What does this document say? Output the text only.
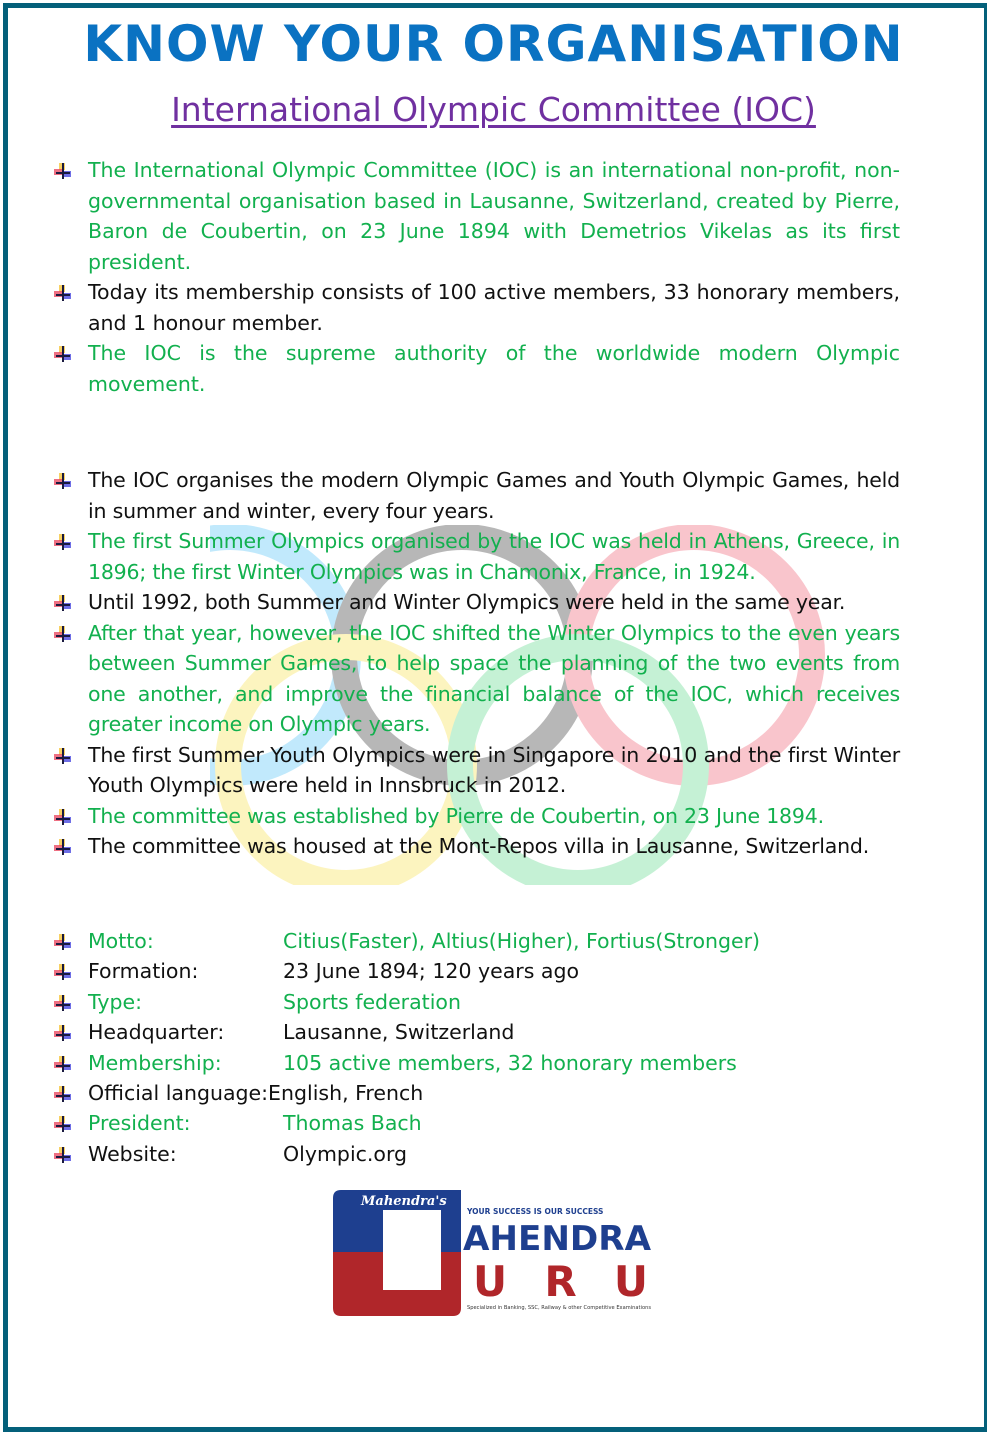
KNOW YOUR ORGANISATION
International Olympic Committee (IOC)
The International Olympic Committee (IOC) is an international non-profit, non-governmental organisation based in Lausanne, Switzerland, created by Pierre, Baron de Coubertin, on 23 June 1894 with Demetrios Vikelas as its first president.
Today its membership consists of 100 active members, 33 honorary members, and 1 honour member.
The IOC is the supreme authority of the worldwide modern Olympic movement.
The IOC organises the modern Olympic Games and Youth Olympic Games, held in summer and winter, every four years.
The first Summer Olympics organised by the IOC was held in Athens, Greece, in 1896; the first Winter Olympics was in Chamonix, France, in 1924.
Until 1992, both Summer and Winter Olympics were held in the same year.
After that year, however, the IOC shifted the Winter Olympics to the even years between Summer Games, to help space the planning of the two events from one another, and improve the financial balance of the IOC, which receives greater income on Olympic years.
The first Summer Youth Olympics were in Singapore in 2010 and the first Winter Youth Olympics were held in Innsbruck in 2012.
The committee was established by Pierre de Coubertin, on 23 June 1894.
The committee was housed at the Mont-Repos villa in Lausanne, Switzerland.
Motto:	Citius(Faster), Altius(Higher), Fortius(Stronger)
Formation:	23 June 1894; 120 years ago
Type:	Sports federation
Headquarter:	Lausanne, Switzerland
Membership:	105 active members, 32 honorary members
Official language:English, French
President:	Thomas Bach
Website:	Olympic.org
Mahendra's
YOUR SUCCESS IS OUR SUCCESS
AHENDRA
URU
Specialized in Banking, SSC, Railway & other Competitive Examinations
